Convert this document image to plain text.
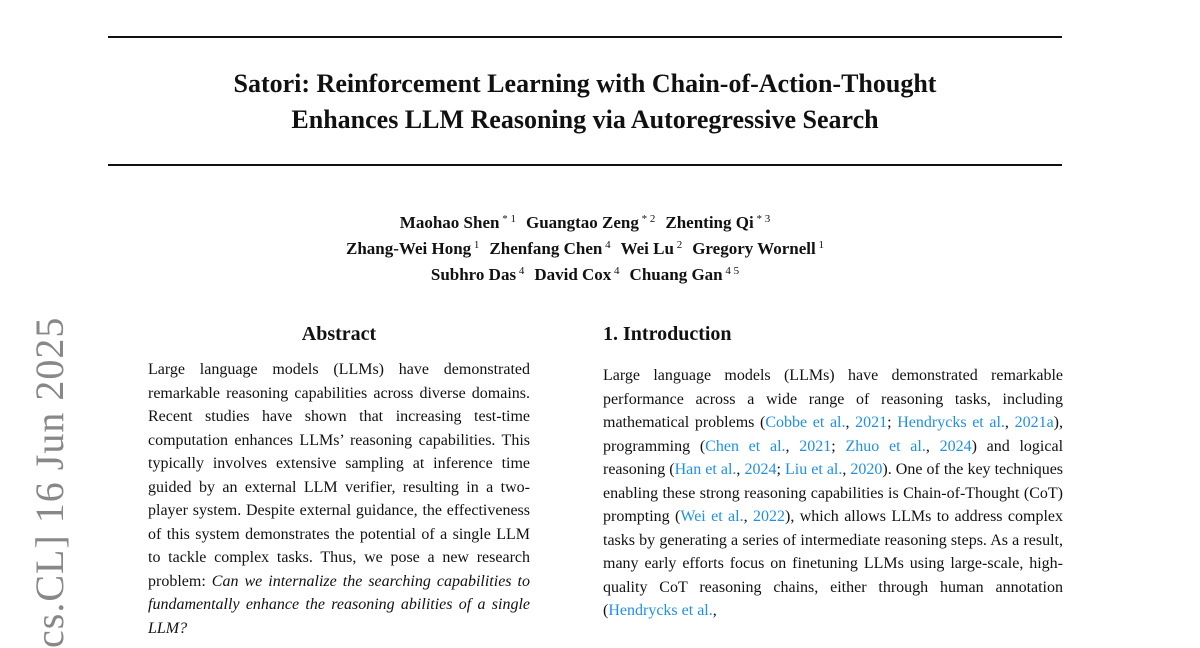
Satori: Reinforcement Learning with Chain-of-Action-Thought
Enhances LLM Reasoning via Autoregressive Search
Maohao Shen $^{* 1}$ Guangtao Zeng $^{* 2}$ Zhenting Qi $^{* 3}$
Zhang-Wei Hong $^1$ Zhenfang Chen $^4$ Wei Lu $^2$ Gregory Wornell $^1$
Subhro Das $^4$ David Cox $^4$ Chuang Gan $^{4 5}$
cs.CL] 16 Jun 2025	Abstract

Large language models (LLMs) have demonstrated remarkable reasoning capabilities across diverse domains. Recent studies have shown that increasing test-time computation enhances LLMs’ reasoning capabilities. This typically involves extensive sampling at inference time guided by an external LLM verifier, resulting in a two-player system. Despite external guidance, the effectiveness of this system demonstrates the potential of a single LLM to tackle complex tasks. Thus, we pose a new research problem: Can we internalize the searching capabilities to fundamentally enhance the reasoning abilities of a single LLM?

1. Introduction

Large language models (LLMs) have demonstrated remarkable performance across a wide range of reasoning tasks, including mathematical problems (Cobbe et al., 2021; Hendrycks et al., 2021a), programming (Chen et al., 2021; Zhuo et al., 2024) and logical reasoning (Han et al., 2024; Liu et al., 2020). One of the key techniques enabling these strong reasoning capabilities is Chain-of-Thought (CoT) prompting (Wei et al., 2022), which allows LLMs to address complex tasks by generating a series of intermediate reasoning steps. As a result, many early efforts focus on finetuning LLMs using large-scale, high-quality CoT reasoning chains, either through human annotation (Hendrycks et al.,
